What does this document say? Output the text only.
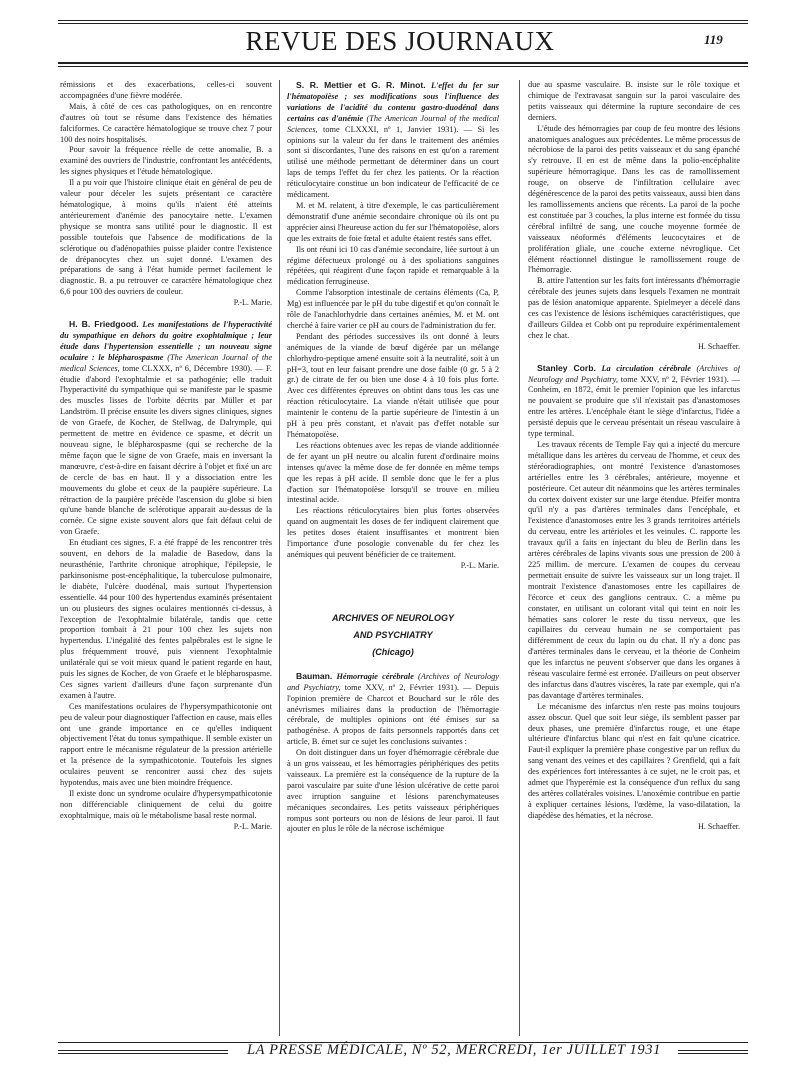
REVUE DES JOURNAUX	119

rémissions et des exacerbations, celles-ci souvent accompagnées d'une fièvre modérée.

Mais, à côté de ces cas pathologiques, on en rencontre d'autres où tout se résume dans l'existence des hématies falciformes. Ce caractère hématologique se trouve chez 7 pour 100 des noirs hospitalisés.

Pour savoir la fréquence réelle de cette anomalie, B. a examiné des ouvriers de l'industrie, confrontant les antécédents, les signes physiques et l'étude hématologique.

Il a pu voir que l'histoire clinique était en général de peu de valeur pour déceler les sujets présentant ce caractère hématologique, à moins qu'ils n'aient été atteints antérieurement d'anémie des panocytaire nette. L'examen physique se montra sans utilité pour le diagnostic. Il est possible toutefois que l'absence de modifications de la sclérotique ou d'adénopathies puisse plaider contre l'existence de drépanocytes chez un sujet donné. L'examen des préparations de sang à l'état humide permet facilement le diagnostic. B. a pu retrouver ce caractère hématologique chez 6,6 pour 100 des ouvriers de couleur.

P.-L. Marie.

H. B. Friedgood. Les manifestations de l'hyperactivité du sympathique en dehors du goitre exophtalmique ; leur étude dans l'hypertension essentielle ; un nouveau signe oculaire : le blépharospasme (The American Journal of the medical Sciences, tome CLXXX, nº 6, Décembre 1930). — F. étudie d'abord l'exophtalmie et sa pathogénie; elle traduit l'hyperactivité du sympathique qui se manifeste par le spasme des muscles lisses de l'orbite décrits par Müller et par Landström. Il précise ensuite les divers signes cliniques, signes de von Graefe, de Kocher, de Stellwag, de Dalrymple, qui permettent de mettre en évidence ce spasme, et décrit un nouveau signe, le blépharospasme (qui se recherche de la même façon que le signe de von Graefe, mais en inversant la manœuvre, c'est-à-dire en faisant décrire à l'objet et fixé un arc de cercle de bas en haut. Il y a dissociation entre les mouvements du globe et ceux de la paupière supérieure. La rétraction de la paupière précède l'ascension du globe si bien qu'une bande blanche de sclérotique apparait au-dessus de la cornée. Ce signe existe souvent alors que fait défaut celui de von Graefe.

En étudiant ces signes, F. a été frappé de les rencontrer très souvent, en dehors de la maladie de Basedow, dans la neurasthénie, l'arthrite chronique atrophique, l'épilepsie, le parkinsonisme post-encéphalitique, la tuberculose pulmonaire, le diabète, l'ulcère duodénal, mais surtout l'hypertension essentielle. 44 pour 100 des hypertendus examinés présentaient un ou plusieurs des signes oculaires mentionnés ci-dessus, à l'exception de l'exophtalmie bilatérale, tandis que cette proportion tombait à 21 pour 100 chez les sujets non hypertendus. L'inégalité des fentes palpébrales est le signe le plus fréquemment trouvé, puis viennent l'exophtalmie unilatérale qui se voit mieux quand le patient regarde en haut, puis les signes de Kocher, de von Graefe et le blépharospasme. Ces signes varient d'ailleurs d'une façon surprenante d'un examen à l'autre.

Ces manifestations oculaires de l'hypersympathicotonie ont peu de valeur pour diagnostiquer l'affection en cause, mais elles ont une grande importance en ce qu'elles indiquent objectivement l'état du tonus sympathique. Il semble exister un rapport entre le mécanisme régulateur de la pression artérielle et la présence de la sympathicotonie. Toutefois les signes oculaires peuvent se rencontrer aussi chez des sujets hypotendus, mais avec une bien moindre fréquence.

Il existe donc un syndrome oculaire d'hypersympathicotonie non différenciable cliniquement de celui du goitre exophtalmique, mais où le métabolisme basal reste normal.

P.-L. Marie.

S. R. Mettier et G. R. Minot. L'effet du fer sur l'hématopoïèse ; ses modifications sous l'influence des variations de l'acidité du contenu gastro-duodénal dans certains cas d'anémie (The American Journal of the medical Sciences, tome CLXXXI, nº 1, Janvier 1931). — Si les opinions sur la valeur du fer dans le traitement des anémies sont si discordantes, l'une des raisons en est qu'on a rarement utilisé une méthode permettant de déterminer dans un court laps de temps l'effet du fer chez les patients. Or la réaction réticulocytaire constitue un bon indicateur de l'efficacité de ce médicament.

M. et M. relatent, à titre d'exemple, le cas particulièrement démonstratif d'une anémie secondaire chronique où ils ont pu apprécier ainsi l'heureuse action du fer sur l'hématopoïèse, alors que les extraits de foie fœtal et adulte étaient restés sans effet.

Ils ont réuni ici 10 cas d'anémie secondaire, liée surtout à un régime défectueux prolongé ou à des spoliations sanguines répétées, qui réagirent d'une façon rapide et remarquable à la médication ferrugineuse.

Comme l'absorption intestinale de certains éléments (Ca, P, Mg) est influencée par le pH du tube digestif et qu'on connaît le rôle de l'anachlorhydrie dans certaines anémies, M. et M. ont cherché à faire varier ce pH au cours de l'administration du fer.

Pendant des périodes successives ils ont donné à leurs anémiques de la viande de bœuf digérée par un mélange chlorhydro-peptique amené ensuite soit à la neutralité, soit à un pH=3, tout en leur faisant prendre une dose faible (0 gr. 5 à 2 gr.) de citrate de fer ou bien une dose 4 à 10 fois plus forte. Avec ces différentes épreuves on obtint dans tous les cas une réaction réticulocytaire. La viande n'était utilisée que pour maintenir le contenu de la partie supérieure de l'intestin à un pH à peu près constant, et n'avait pas d'effet notable sur l'hématopoïèse.

Les réactions obtenues avec les repas de viande additionnée de fer ayant un pH neutre ou alcalin furent d'ordinaire moins intenses qu'avec la même dose de fer donnée en même temps que les repas à pH acide. Il semble donc que le fer a plus d'action sur l'hématopoïèse lorsqu'il se trouve en milieu intestinal acide.

Les réactions réticulocytaires bien plus fortes observées quand on augmentait les doses de fer indiquent clairement que les petites doses étaient insuffisantes et montrent bien l'importance d'une posologie convenable du fer chez les anémiques qui peuvent bénéficier de ce traitement.

P.-L. Marie.
ARCHIVES OF NEUROLOGY
AND PSYCHIATRY
(Chicago)

Bauman. Hémorragie cérébrale (Archives of Neurology and Psychiatry, tome XXV, nº 2, Février 1931). — Depuis l'opinion première de Charcot et Bouchard sur le rôle des anévrismes miliaires dans la production de l'hémorragie cérébrale, de multiples opinions ont été émises sur sa pathogénèse. A propos de faits personnels rapportés dans cet article, B. émet sur ce sujet les conclusions suivantes :

On doit distinguer dans un foyer d'hémorragie cérébrale due à un gros vaisseau, et les hémorragies périphériques des petits vaisseaux. La première est la conséquence de la rupture de la paroi vasculaire par suite d'une lésion ulcérative de cette paroi avec irruption sanguine et lésions parenchymateuses mécaniques secondaires. Les petits vaisseaux périphériques rompus sont porteurs ou non de lésions de leur paroi. Il faut ajouter en plus le rôle de la nécrose ischémique

due au spasme vasculaire. B. insiste sur le rôle toxique et chimique de l'extravasat sanguin sur la paroi vasculaire des petits vaisseaux qui détermine la rupture secondaire de ces derniers.

L'étude des hémorragies par coup de feu montre des lésions anatomiques analogues aux précédentes. Le même processus de nécrobiose de la paroi des petits vaisseaux et du sang épanché s'y retrouve. Il en est de même dans la polio-encéphalite supérieure hémorragique. Dans les cas de ramollissement rouge, on observe de l'infiltration cellulaire avec dégénérescence de la paroi des petits vaisseaux, aussi bien dans les ramollissements anciens que récents. La paroi de la poche est constituée par 3 couches, la plus interne est formée du tissu cérébral infiltré de sang, une couche moyenne formée de vaisseaux néoformés d'éléments leucocytaires et de prolifération gliale, une couche externe névroglique. Cet élément réactionnel distingue le ramollissement rouge de l'hémorragie.

B. attire l'attention sur les faits fort intéressants d'hémorragie cérébrale des jeunes sujets dans lesquels l'examen ne montrait pas de lésion anatomique apparente. Spielmeyer a décelé dans ces cas l'existence de lésions ischémiques caractéristiques, que d'ailleurs Gildea et Cobb ont pu reproduire expérimentalement chez le chat.

H. Schaeffer.

Stanley Corb. La circulation cérébrale (Archives of Neurology and Psychiatry, tome XXV, nº 2, Février 1931). — Conheim, en 1872, émit le premier l'opinion que les infarctus ne pouvaient se produire que s'il n'existait pas d'anastomoses entre les artères. L'encéphale étant le siège d'infarctus, l'idée a persisté depuis que le cerveau présentait un réseau vasculaire à type terminal.

Les travaux récents de Temple Fay qui a injecté du mercure métallique dans les artères du cerveau de l'homme, et ceux des stéréoradiographies, ont montré l'existence d'anastomoses artérielles entre les 3 cérébrales, antérieure, moyenne et postérieure. Cet auteur dit néanmoins que les artères terminales du cortex doivent exister sur une large étendue. Pfeifer montra qu'il n'y a pas d'artères terminales dans l'encéphale, et l'existence d'anastomoses entre les 3 grands territoires artériels du cerveau, entre les artérioles et les veinules. C. rapporte les travaux qu'il a faits en injectant du bleu de Berlin dans les artères cérébrales de lapins vivants sous une pression de 200 à 225 millim. de mercure. L'examen de coupes du cerveau permettait ensuite de suivre les vaisseaux sur un long trajet. Il montrait l'existence d'anastomoses entre les capillaires de l'écorce et ceux des ganglions centraux. C. a même pu constater, en utilisant un colorant vital qui teint en noir les hématies sans colorer le reste du tissu nerveux, que les capillaires du cerveau humain ne se comportaient pas différemment de ceux du lapin ou du chat. Il n'y a donc pas d'artères terminales dans le cerveau, et la théorie de Conheim que les infarctus ne peuvent s'observer que dans les organes à réseau vasculaire fermé est erronée. D'ailleurs on peut observer des infarctus dans d'autres viscères, la rate par exemple, qui n'a pas davantage d'artères terminales.

Le mécanisme des infarctus n'en reste pas moins toujours assez obscur. Quel que soit leur siège, ils semblent passer par deux phases, une première d'infarctus rouge, et une étape ultérieure d'infarctus blanc qui n'est en fait qu'une cicatrice. Faut-il expliquer la première phase congestive par un reflux du sang venant des veines et des capillaires ? Grenfield, qui a fait des expériences fort intéressantes à ce sujet, ne le croit pas, et admet que l'hyperémie est la conséquence d'un reflux du sang des artères collatérales voisines. L'anoxémie contribue en partie à expliquer certaines lésions, l'œdème, la vaso-dilatation, la diapédèse des hématies, et la nécrose.

H. Schaeffer.
LA PRESSE MÉDICALE, Nº 52, MERCREDI, 1er JUILLET 1931
